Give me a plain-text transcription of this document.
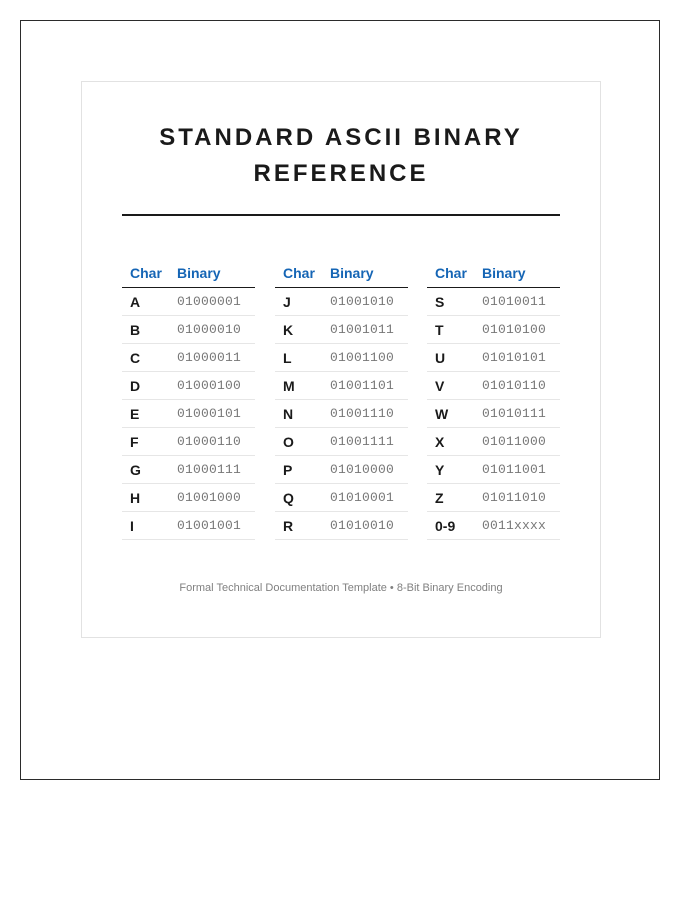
STANDARD ASCII BINARY
REFERENCE
Char	Binary
A	01000001
B	01000010
C	01000011
D	01000100
E	01000101
F	01000110
G	01000111
H	01001000
I	01001001
Char	Binary
J	01001010
K	01001011
L	01001100
M	01001101
N	01001110
O	01001111
P	01010000
Q	01010001
R	01010010
Char	Binary
S	01010011
T	01010100
U	01010101
V	01010110
W	01010111
X	01011000
Y	01011001
Z	01011010
0-9	0011xxxx
Formal Technical Documentation Template • 8-Bit Binary Encoding
